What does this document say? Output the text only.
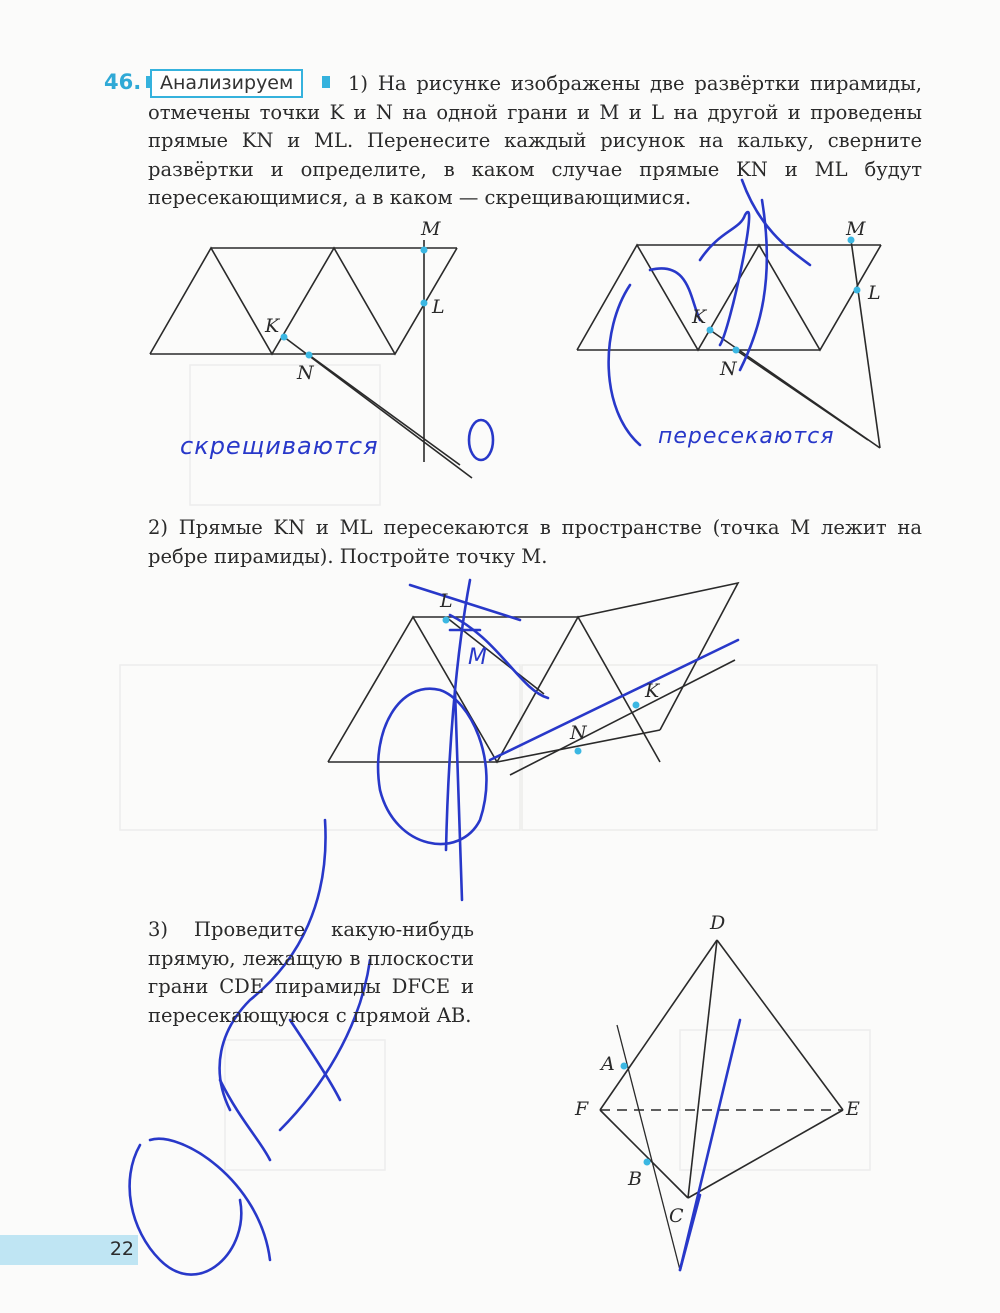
46. Анализируем	1) На рисунке изображены две развёртки пирамиды, отмечены точки K и N на одной грани и M и L на другой и проведены прямые KN и ML. Перенесите каждый рисунок на кальку, сверните развёртки и определите, в каком случае прямые KN и ML будут пересекающимися, а в каком — скрещивающимися.
M
L
K
N
M
L
K
N
скрещиваются	пересекаются
M
2) Прямые KN и ML пересекаются в пространстве (точка M лежит на ребре пирамиды). Постройте точку M.
L
K
N
3) Проведите какую-нибудь прямую, лежащую в плоскости грани CDE пирамиды DFCE и пересекающуюся с прямой AB.
D
A
F	E
B
C
22
